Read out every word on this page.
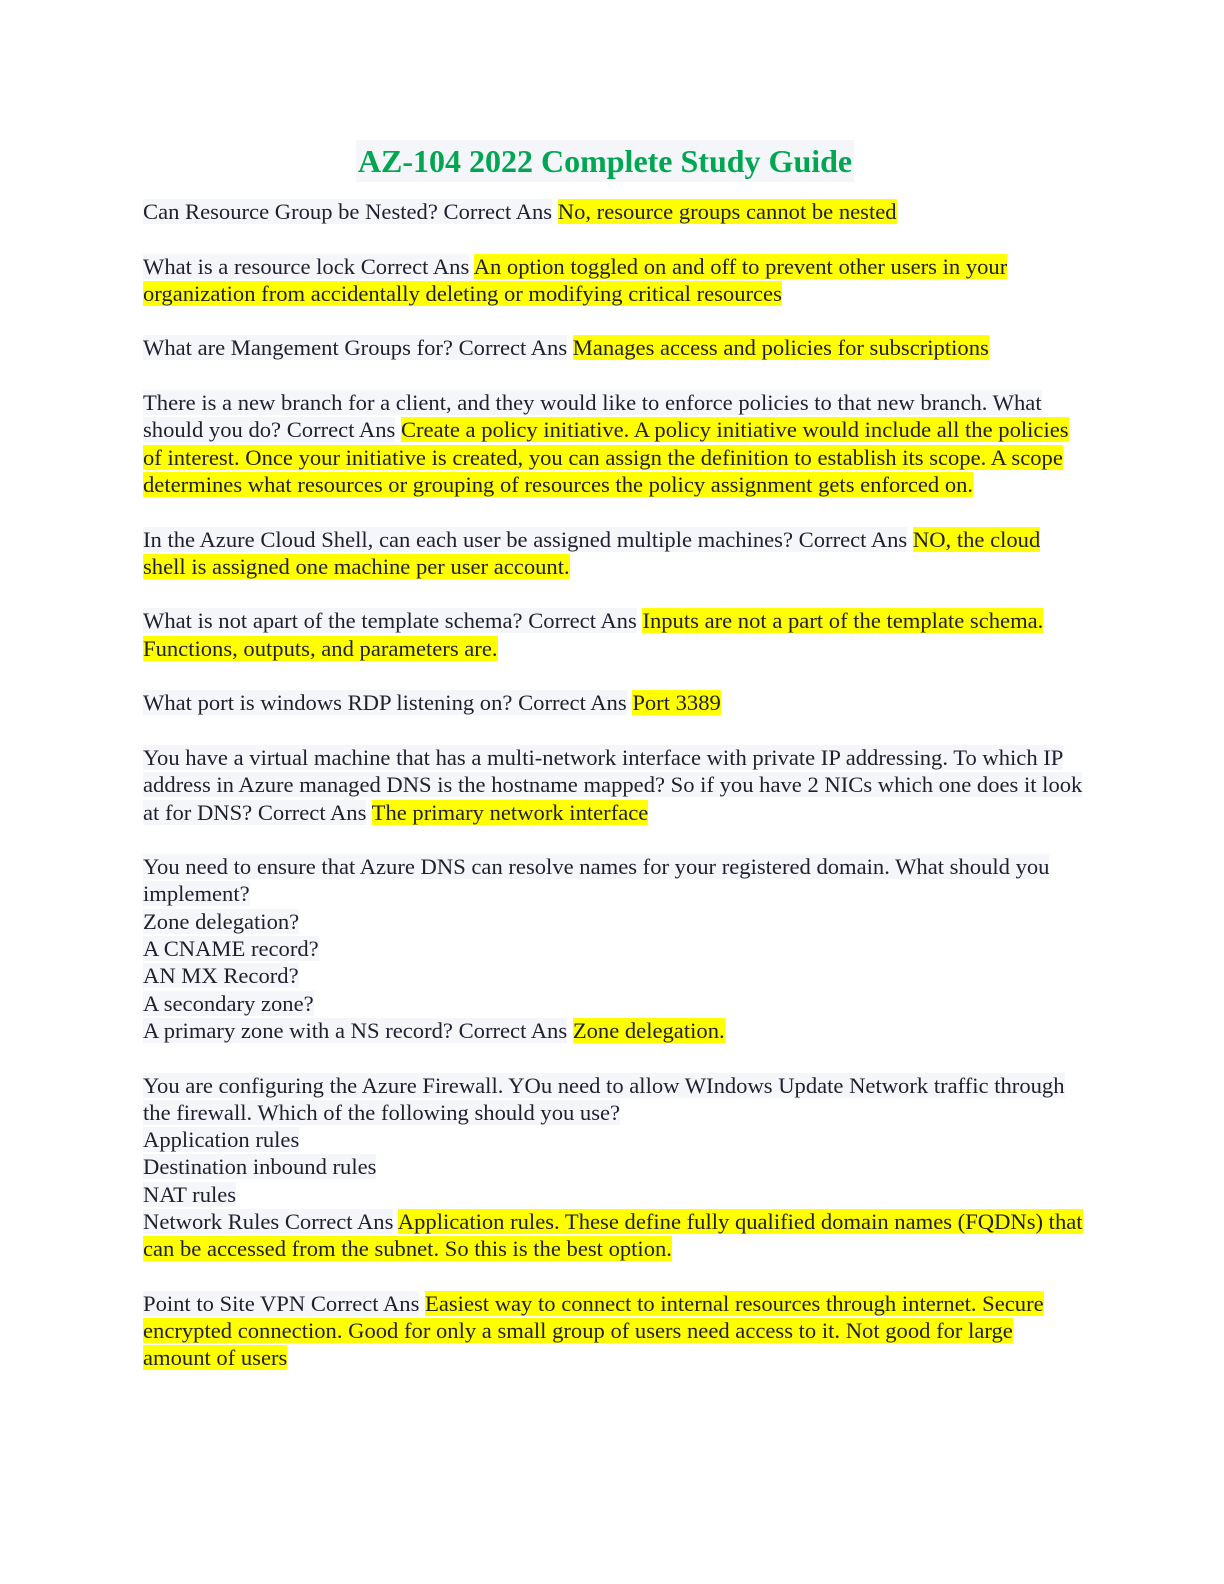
AZ-104 2022 Complete Study Guide
Can Resource Group be Nested? Correct Ans No, resource groups cannot be nested
What is a resource lock Correct Ans An option toggled on and off to prevent other users in your organization from accidentally deleting or modifying critical resources
What are Mangement Groups for? Correct Ans Manages access and policies for subscriptions
There is a new branch for a client, and they would like to enforce policies to that new branch. What should you do? Correct Ans Create a policy initiative. A policy initiative would include all the policies of interest. Once your initiative is created, you can assign the definition to establish its scope. A scope determines what resources or grouping of resources the policy assignment gets enforced on.
In the Azure Cloud Shell, can each user be assigned multiple machines? Correct Ans NO, the cloud shell is assigned one machine per user account.
What is not apart of the template schema? Correct Ans Inputs are not a part of the template schema. Functions, outputs, and parameters are.
What port is windows RDP listening on? Correct Ans Port 3389
You have a virtual machine that has a multi-network interface with private IP addressing. To which IP address in Azure managed DNS is the hostname mapped? So if you have 2 NICs which one does it look at for DNS? Correct Ans The primary network interface
You need to ensure that Azure DNS can resolve names for your registered domain. What should you implement?
Zone delegation?
A CNAME record?
AN MX Record?
A secondary zone?
A primary zone with a NS record? Correct Ans Zone delegation.
You are configuring the Azure Firewall. YOu need to allow WIndows Update Network traffic through the firewall. Which of the following should you use?
Application rules
Destination inbound rules
NAT rules
Network Rules Correct Ans Application rules. These define fully qualified domain names (FQDNs) that can be accessed from the subnet. So this is the best option.
Point to Site VPN Correct Ans Easiest way to connect to internal resources through internet. Secure encrypted connection. Good for only a small group of users need access to it. Not good for large amount of users
